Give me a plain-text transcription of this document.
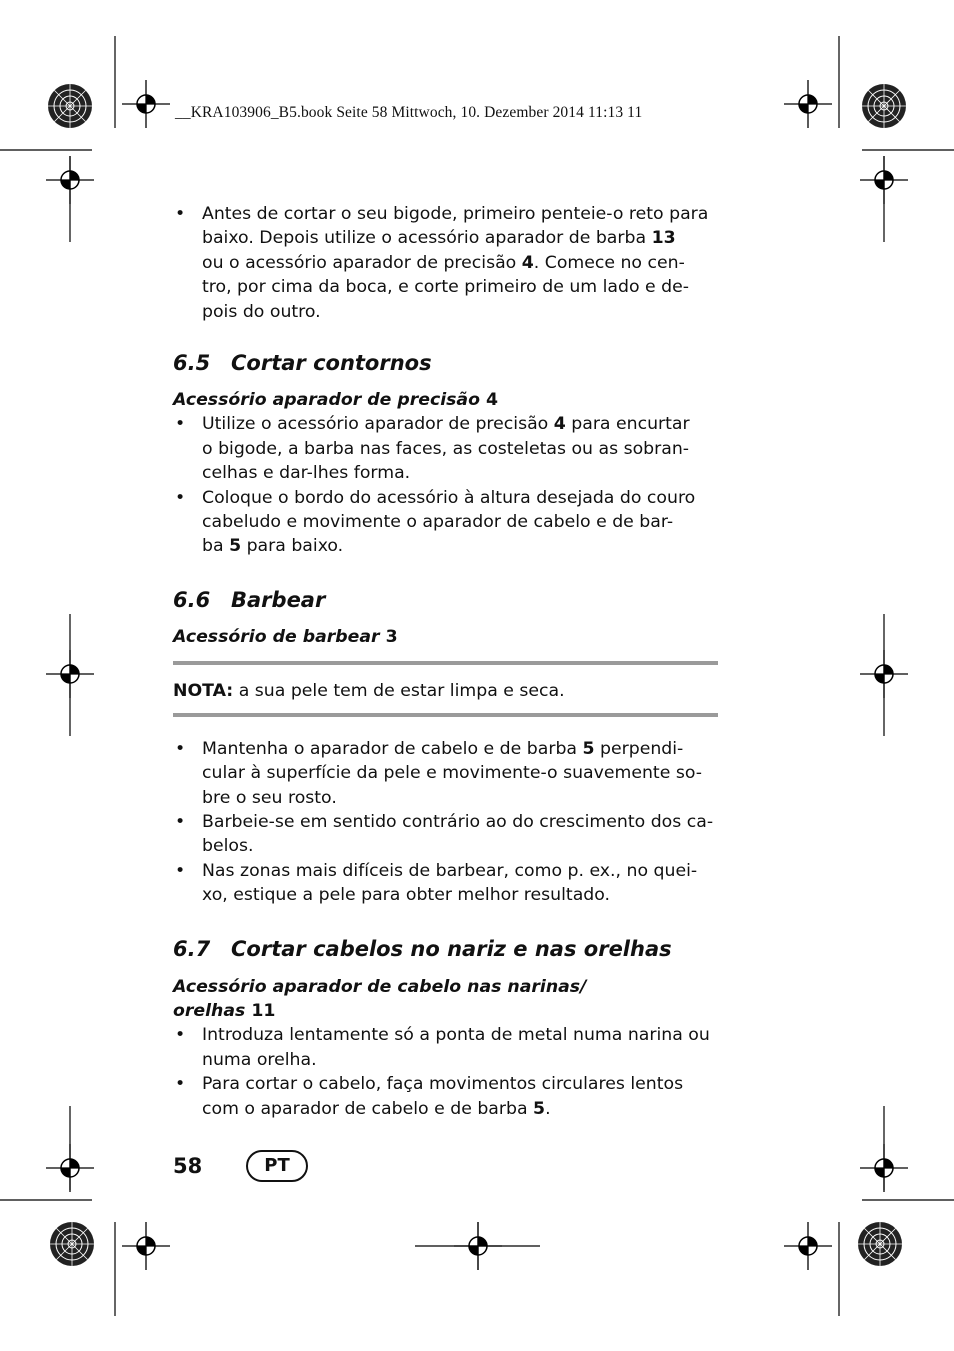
__KRA103906_B5.book Seite 58 Mittwoch, 10. Dezember 2014 11:13 11
• Antes de cortar o seu bigode, primeiro penteie-o reto para
baixo. Depois utilize o acessório aparador de barba 13
ou o acessório aparador de precisão 4. Comece no cen-
tro, por cima da boca, e corte primeiro de um lado e de-
pois do outro.
6.5 Cortar contornos
Acessório aparador de precisão 4
• Utilize o acessório aparador de precisão 4 para encurtar
o bigode, a barba nas faces, as costeletas ou as sobran-
celhas e dar-lhes forma.
• Coloque o bordo do acessório à altura desejada do couro
cabeludo e movimente o aparador de cabelo e de bar-
ba 5 para baixo.
6.6 Barbear
Acessório de barbear 3
NOTA: a sua pele tem de estar limpa e seca.
• Mantenha o aparador de cabelo e de barba 5 perpendi-
cular à superfície da pele e movimente-o suavemente so-
bre o seu rosto.
• Barbeie-se em sentido contrário ao do crescimento dos ca-
belos.
• Nas zonas mais difíceis de barbear, como p. ex., no quei-
xo, estique a pele para obter melhor resultado.
6.7 Cortar cabelos no nariz e nas orelhas
Acessório aparador de cabelo nas narinas/
orelhas 11
• Introduza lentamente só a ponta de metal numa narina ou
numa orelha.
• Para cortar o cabelo, faça movimentos circulares lentos
com o aparador de cabelo e de barba 5.
58	PT
